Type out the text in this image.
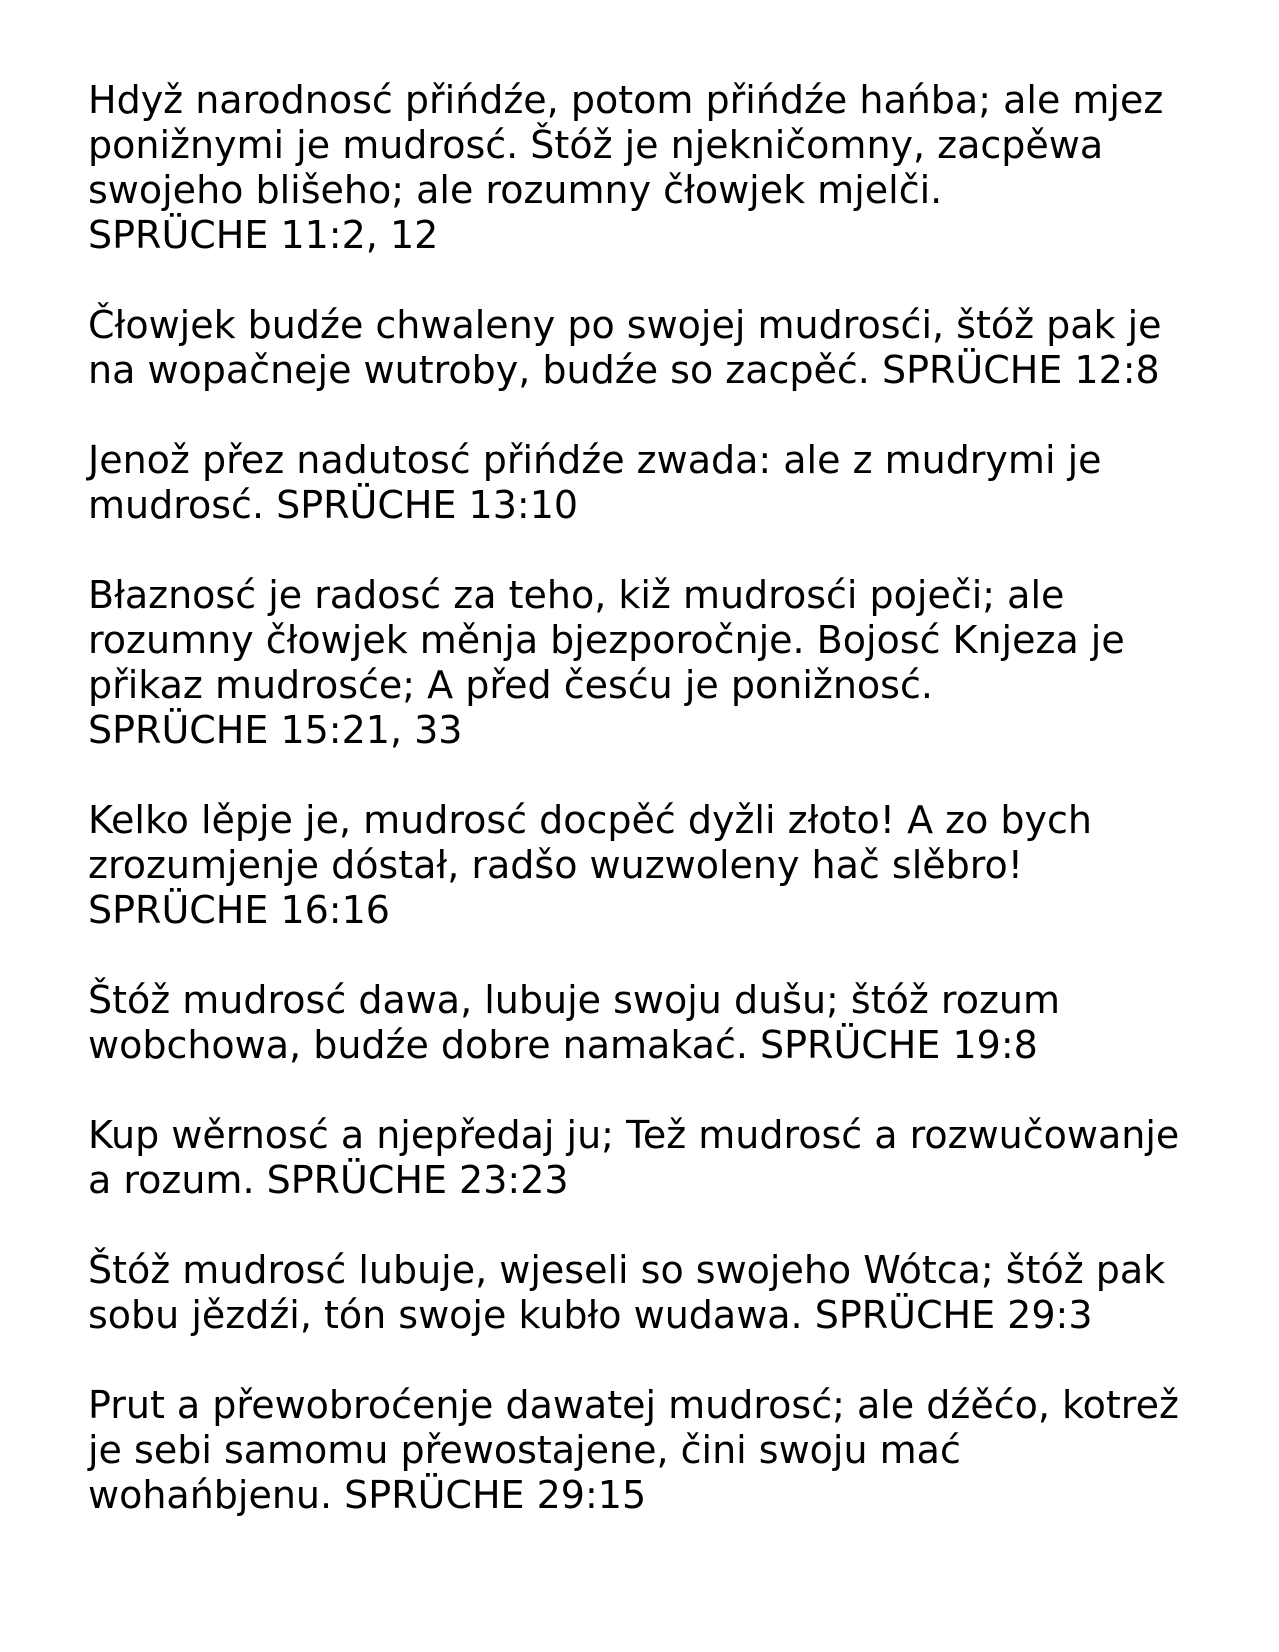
Hdyž narodnosć přińdźe, potom přińdźe hańba; ale mjez
ponižnymi je mudrosć. Štóž je njekničomny, zacpěwa
swojeho blišeho; ale rozumny čłowjek mjelči.
SPRÜCHE 11:2, 12

Čłowjek budźe chwaleny po swojej mudrosći, štóž pak je
na wopačneje wutroby, budźe so zacpěć. SPRÜCHE 12:8

Jenož přez nadutosć přińdźe zwada: ale z mudrymi je
mudrosć. SPRÜCHE 13:10

Błaznosć je radosć za teho, kiž mudrosći poječi; ale
rozumny čłowjek měnja bjezporočnje. Bojosć Knjeza je
přikaz mudrosće; A před česću je ponižnosć.
SPRÜCHE 15:21, 33

Kelko lěpje je, mudrosć docpěć dyžli złoto! A zo bych
zrozumjenje dóstał, radšo wuzwoleny hač slěbro!
SPRÜCHE 16:16

Štóž mudrosć dawa, lubuje swoju dušu; štóž rozum
wobchowa, budźe dobre namakać. SPRÜCHE 19:8

Kup wěrnosć a njepředaj ju; Tež mudrosć a rozwučowanje
a rozum. SPRÜCHE 23:23

Štóž mudrosć lubuje, wjeseli so swojeho Wótca; štóž pak
sobu jězdźi, tón swoje kubło wudawa. SPRÜCHE 29:3

Prut a přewobroćenje dawatej mudrosć; ale dźěćo, kotrež
je sebi samomu přewostajene, čini swoju mać
wohańbjenu. SPRÜCHE 29:15
